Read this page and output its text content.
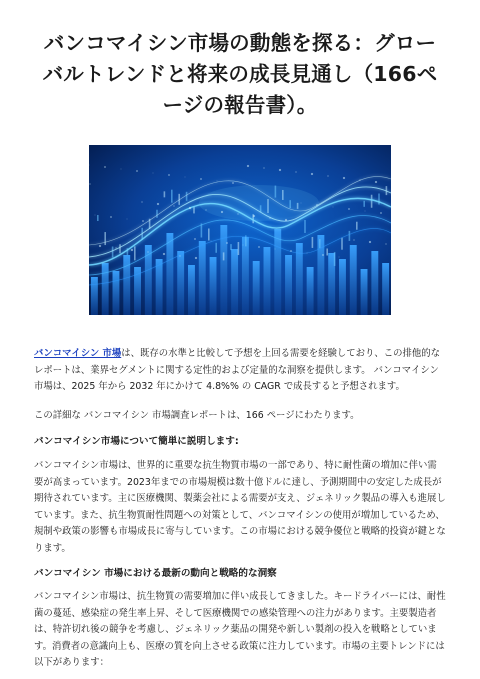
バンコマイシン市場の動態を探る：グローバルトレンドと将来の成長見通し（166ページの報告書）。

バンコマイシン 市場は、既存の水準と比較して予想を上回る需要を経験しており、この排他的なレポートは、業界セグメントに関する定性的および定量的な洞察を提供します。 バンコマイシン 市場は、2025 年から 2032 年にかけて 4.8%% の CAGR で成長すると予想されます。

この詳細な バンコマイシン 市場調査レポートは、166 ページにわたります。

バンコマイシン市場について簡単に説明します:

バンコマイシン市場は、世界的に重要な抗生物質市場の一部であり、特に耐性菌の増加に伴い需要が高まっています。2023年までの市場規模は数十億ドルに達し、予測期間中の安定した成長が期待されています。主に医療機関、製薬会社による需要が支え、ジェネリック製品の導入も進展しています。また、抗生物質耐性問題への対策として、バンコマイシンの使用が増加しているため、規制や政策の影響も市場成長に寄与しています。この市場における競争優位と戦略的投資が鍵となります。

バンコマイシン 市場における最新の動向と戦略的な洞察

バンコマイシン市場は、抗生物質の需要増加に伴い成長してきました。キードライバーには、耐性菌の蔓延、感染症の発生率上昇、そして医療機関での感染管理への注力があります。主要製造者は、特許切れ後の競争を考慮し、ジェネリック薬品の開発や新しい製剤の投入を戦略としています。消費者の意識向上も、医療の質を向上させる政策に注力しています。市場の主要トレンドには以下があります：
